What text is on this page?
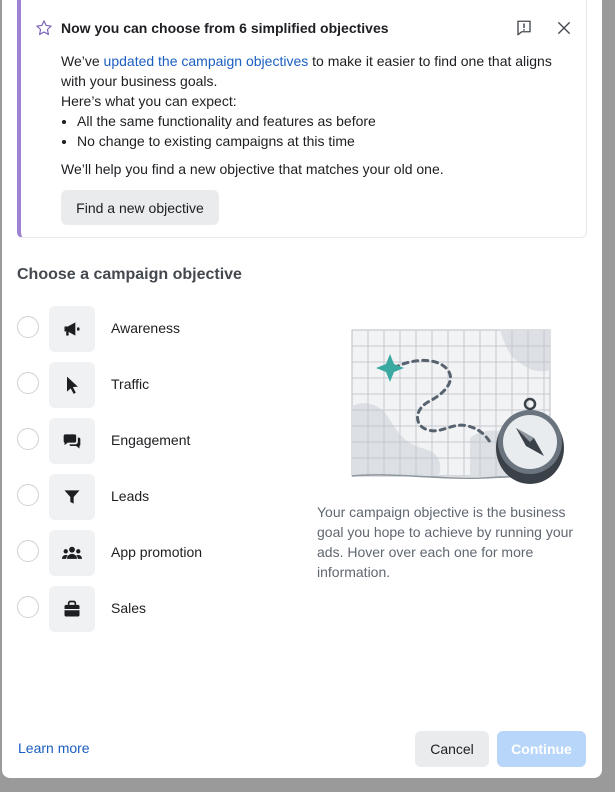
Now you can choose from 6 simplified objectives

We’ve updated the campaign objectives to make it easier to find one that aligns with your business goals.

Here’s what you can expect:

• All the same functionality and features as before
• No change to existing campaigns at this time

We’ll help you find a new objective that matches your old one.

Find a new objective
Choose a campaign objective
Awareness
Traffic
Engagement
Leads
App promotion
Sales
Your campaign objective is the business goal you hope to achieve by running your ads. Hover over each one for more information.
Learn more	Cancel	Continue
